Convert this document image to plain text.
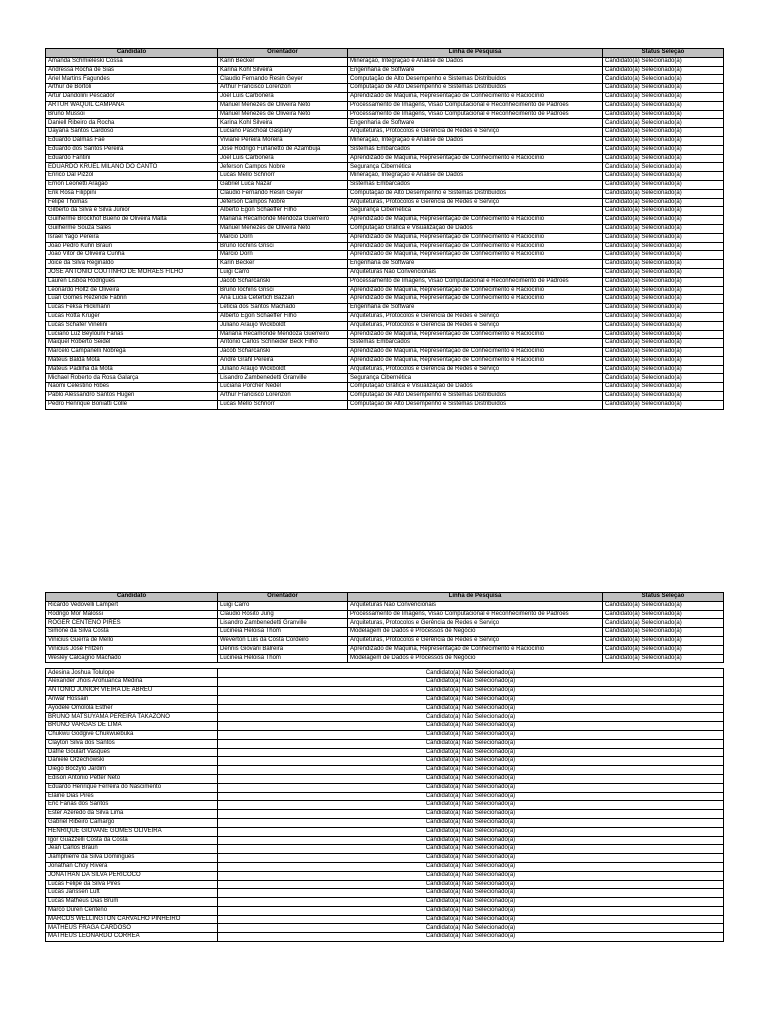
Candidato	Orientador	Linha de Pesquisa	Status Seleção
Amanda Schmieleski Cossa	Karin Becker	Mineração, Integração e Análise de Dados	Candidato(a) Selecionado(a)
Andressa Rocha de Sias	Karina Kohl Silveira	Engenharia de Software	Candidato(a) Selecionado(a)
Ariel Martins Fagundes	Claudio Fernando Resin Geyer	Computação de Alto Desempenho e Sistemas Distribuídos	Candidato(a) Selecionado(a)
Arthur de Bortoli	Arthur Francisco Lorenzon	Computação de Alto Desempenho e Sistemas Distribuídos	Candidato(a) Selecionado(a)
Artur Dandolini Pescador	Joel Luis Carbonera	Aprendizado de Máquina, Representação de Conhecimento e Raciocínio	Candidato(a) Selecionado(a)
ARTUR WAQUIL CAMPANA	Manuel Menezes de Oliveira Neto	Processamento de Imagens, Visão Computacional e Reconhecimento de Padrões	Candidato(a) Selecionado(a)
Bruno Mussoi	Manuel Menezes de Oliveira Neto	Processamento de Imagens, Visão Computacional e Reconhecimento de Padrões	Candidato(a) Selecionado(a)
Daniell Ribeiro da Rocha	Karina Kohl Silveira	Engenharia de Software	Candidato(a) Selecionado(a)
Dayana Santos Cardoso	Luciano Paschoal Gaspary	Arquiteturas, Protocolos e Gerência de Redes e Serviço	Candidato(a) Selecionado(a)
Eduardo Dalmás Faé	Viviane Pereira Moreira	Mineração, Integração e Análise de Dados	Candidato(a) Selecionado(a)
Eduardo dos Santos Pereira	Jose Rodrigo Furlanetto de Azambuja	Sistemas Embarcados	Candidato(a) Selecionado(a)
Eduardo Fantini	Joel Luis Carbonera	Aprendizado de Máquina, Representação de Conhecimento e Raciocínio	Candidato(a) Selecionado(a)
EDUARDO KRUEL MILANO DO CANTO	Jeferson Campos Nobre	Segurança Cibernética	Candidato(a) Selecionado(a)
Enrico Dal Pizzol	Lucas Mello Schnorr	Mineração, Integração e Análise de Dados	Candidato(a) Selecionado(a)
Ernon Leonetti Aragão	Gabriel Luca Nazar	Sistemas Embarcados	Candidato(a) Selecionado(a)
Erik Rosa Filippini	Claudio Fernando Resin Geyer	Computação de Alto Desempenho e Sistemas Distribuídos	Candidato(a) Selecionado(a)
Felipe Thomas	Jeferson Campos Nobre	Arquiteturas, Protocolos e Gerência de Redes e Serviço	Candidato(a) Selecionado(a)
Gilberto da Silva e Silva Júnior	Alberto Egon Schaeffer Filho	Segurança Cibernética	Candidato(a) Selecionado(a)
Guilherme Brockhof Bueno de Oliveira Malta	Mariana Recamonde Mendoza Guerreiro	Aprendizado de Máquina, Representação de Conhecimento e Raciocínio	Candidato(a) Selecionado(a)
Guilherme Souza Sales	Manuel Menezes de Oliveira Neto	Computação Gráfica e Visualização de Dados	Candidato(a) Selecionado(a)
Israel Yago Pereira	Marcio Dorn	Aprendizado de Máquina, Representação de Conhecimento e Raciocínio	Candidato(a) Selecionado(a)
João Pedro Kuhn Braun	Bruno Iochins Grisci	Aprendizado de Máquina, Representação de Conhecimento e Raciocínio	Candidato(a) Selecionado(a)
João Vitor de Oliveira Cunha	Marcio Dorn	Aprendizado de Máquina, Representação de Conhecimento e Raciocínio	Candidato(a) Selecionado(a)
Joice da Silva Reginaldo	Karin Becker	Engenharia de Software	Candidato(a) Selecionado(a)
JOSÉ ANTÔNIO COUTINHO DE MORAES FILHO	Luigi Carro	Arquiteturas Não Convencionais	Candidato(a) Selecionado(a)
Lauren Lisboa Rodrigues	Jacob Scharcanski	Processamento de Imagens, Visão Computacional e Reconhecimento de Padrões	Candidato(a) Selecionado(a)
Leonardo Holtz de Oliveira	Bruno Iochins Grisci	Aprendizado de Máquina, Representação de Conhecimento e Raciocínio	Candidato(a) Selecionado(a)
Luan Gomes Rezende Fabrin	Ana Lucia Cetertich Bazzan	Aprendizado de Máquina, Representação de Conhecimento e Raciocínio	Candidato(a) Selecionado(a)
Lucas Feksa Hickmann	Leticia dos Santos Machado	Engenharia de Software	Candidato(a) Selecionado(a)
Lucas Rotta Krüger	Alberto Egon Schaeffer Filho	Arquiteturas, Protocolos e Gerência de Redes e Serviço	Candidato(a) Selecionado(a)
Lucas Schafer Vinelini	Juliano Araujo Wickboldt	Arquiteturas, Protocolos e Gerência de Redes e Serviço	Candidato(a) Selecionado(a)
Luciano Luz Beylouni Farias	Mariana Recamonde Mendoza Guerreiro	Aprendizado de Máquina, Representação de Conhecimento e Raciocínio	Candidato(a) Selecionado(a)
Maiquel Roberto Seidel	Antonio Carlos Schneider Beck Filho	Sistemas Embarcados	Candidato(a) Selecionado(a)
Marcelo Campanelli Nóbrega	Jacob Scharcanski	Aprendizado de Máquina, Representação de Conhecimento e Raciocínio	Candidato(a) Selecionado(a)
Mateus Balda Mota	André Grahl Pereira	Aprendizado de Máquina, Representação de Conhecimento e Raciocínio	Candidato(a) Selecionado(a)
Mateus Padilha da Mota	Juliano Araujo Wickboldt	Arquiteturas, Protocolos e Gerência de Redes e Serviço	Candidato(a) Selecionado(a)
Michael Roberto da Rosa Galarça	Lisandro Zambenedetti Granville	Segurança Cibernética	Candidato(a) Selecionado(a)
Naomi Celestino Ribes	Luciana Porcher Nedel	Computação Gráfica e Visualização de Dados	Candidato(a) Selecionado(a)
Pablo Alessandro Santos Hugen	Arthur Francisco Lorenzon	Computação de Alto Desempenho e Sistemas Distribuídos	Candidato(a) Selecionado(a)
Pedro Henrique Boniatti Colle	Lucas Mello Schnorr	Computação de Alto Desempenho e Sistemas Distribuídos	Candidato(a) Selecionado(a)
Candidato	Orientador	Linha de Pesquisa	Status Seleção
Ricardo Vedovelli Lampert	Luigi Carro	Arquiteturas Não Convencionais	Candidato(a) Selecionado(a)
Rodrigo Mor Malossi	Claudio Rosito Jung	Processamento de Imagens, Visão Computacional e Reconhecimento de Padrões	Candidato(a) Selecionado(a)
ROGER CENTENO PIRES	Lisandro Zambenedetti Granville	Arquiteturas, Protocolos e Gerência de Redes e Serviço	Candidato(a) Selecionado(a)
Simone da Silva Costa	Lucineia Heloisa Thom	Modelagem de Dados e Processos de Negócio	Candidato(a) Selecionado(a)
Vinicius Guerra de Mello	Weverton Luis da Costa Cordeiro	Arquiteturas, Protocolos e Gerência de Redes e Serviço	Candidato(a) Selecionado(a)
Vinicius José Fritzen	Dennis Giovani Balreira	Aprendizado de Máquina, Representação de Conhecimento e Raciocínio	Candidato(a) Selecionado(a)
Wesley Calcagno Machado	Lucineia Heloisa Thom	Modelagem de Dados e Processos de Negócio	Candidato(a) Selecionado(a)

Adesina Joshua Tolulope	Candidato(a) Não Selecionado(a)		
Alexander Jhois Arohuanca Medina	Candidato(a) Não Selecionado(a)		
ANTONIO JUNIOR VIEIRA DE ABREU	Candidato(a) Não Selecionado(a)		
Anwar Hossain	Candidato(a) Não Selecionado(a)		
Ayodele Omolola Esther	Candidato(a) Não Selecionado(a)		
BRUNO MATSUYAMA PEREIRA TAKAZONO	Candidato(a) Não Selecionado(a)		
BRUNO VARGAS DE LIMA	Candidato(a) Não Selecionado(a)		
Chukwu Godgive Chukwuebuka	Candidato(a) Não Selecionado(a)		
Clayton Silva dos Santos	Candidato(a) Não Selecionado(a)		
Dafne Goulart Vasques	Candidato(a) Não Selecionado(a)		
Daniele Orzechowski	Candidato(a) Não Selecionado(a)		
Diego Boczylo Jardim	Candidato(a) Não Selecionado(a)		
Edison Antonio Petter Neto	Candidato(a) Não Selecionado(a)		
Eduardo Henrique Ferreira do Nascimento	Candidato(a) Não Selecionado(a)		
Elaine Dias Pires	Candidato(a) Não Selecionado(a)		
Eric Farias dos Santos	Candidato(a) Não Selecionado(a)		
Ester Azeredo da Silva Lima	Candidato(a) Não Selecionado(a)		
Gabriel Ribeiro Camargo	Candidato(a) Não Selecionado(a)		
HENRIQUE GIOVANE GOMES OLIVEIRA	Candidato(a) Não Selecionado(a)		
Igor Guazzelli Costa da Costa	Candidato(a) Não Selecionado(a)		
Jean Carlos Braun	Candidato(a) Não Selecionado(a)		
Jiamphierre da Silva Domingues	Candidato(a) Não Selecionado(a)		
Jonathan Choy Rivera	Candidato(a) Não Selecionado(a)		
JONATHAN DA SILVA PERICOCO	Candidato(a) Não Selecionado(a)		
Lucas Felipe da Silva Pires	Candidato(a) Não Selecionado(a)		
Lucas Janssen Luft	Candidato(a) Não Selecionado(a)		
Lucas Matheus Dias Brum	Candidato(a) Não Selecionado(a)		
Marco Duren Centeno	Candidato(a) Não Selecionado(a)		
MARCOS WELLINGTON CARVALHO PINHEIRO	Candidato(a) Não Selecionado(a)		
MATHEUS FRAGA CARDOSO	Candidato(a) Não Selecionado(a)		
MATHEUS LEONARDO CORREA	Candidato(a) Não Selecionado(a)		
